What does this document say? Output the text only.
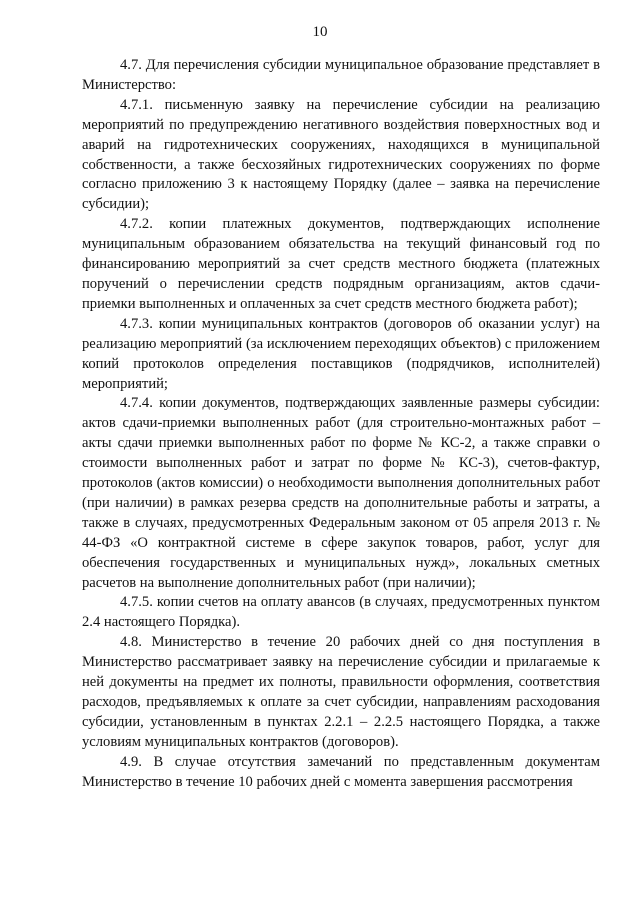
10

4.7. Для перечисления субсидии муниципальное образование представляет в Министерство:

4.7.1. письменную заявку на перечисление субсидии на реализацию мероприятий по предупреждению негативного воздействия поверхностных вод и аварий на гидротехнических сооружениях, находящихся в муниципальной собственности, а также бесхозяйных гидротехнических сооружениях по форме согласно приложению 3 к настоящему Порядку (далее – заявка на перечисление субсидии);

4.7.2. копии платежных документов, подтверждающих исполнение муниципальным образованием обязательства на текущий финансовый год по финансированию мероприятий за счет средств местного бюджета (платежных поручений о перечислении средств подрядным организациям, актов сдачи-приемки выполненных и оплаченных за счет средств местного бюджета работ);

4.7.3. копии муниципальных контрактов (договоров об оказании услуг) на реализацию мероприятий (за исключением переходящих объектов) с приложением копий протоколов определения поставщиков (подрядчиков, исполнителей) мероприятий;

4.7.4. копии документов, подтверждающих заявленные размеры субсидии: актов сдачи-приемки выполненных работ (для строительно-монтажных работ – акты сдачи приемки выполненных работ по форме № КС-2, а также справки о стоимости выполненных работ и затрат по форме № КС-3), счетов-фактур, протоколов (актов комиссии) о необходимости выполнения дополнительных работ (при наличии) в рамках резерва средств на дополнительные работы и затраты, а также в случаях, предусмотренных Федеральным законом от 05 апреля 2013 г. № 44-ФЗ «О контрактной системе в сфере закупок товаров, работ, услуг для обеспечения государственных и муниципальных нужд», локальных сметных расчетов на выполнение дополнительных работ (при наличии);

4.7.5. копии счетов на оплату авансов (в случаях, предусмотренных пунктом 2.4 настоящего Порядка).

4.8. Министерство в течение 20 рабочих дней со дня поступления в Министерство рассматривает заявку на перечисление субсидии и прилагаемые к ней документы на предмет их полноты, правильности оформления, соответствия расходов, предъявляемых к оплате за счет субсидии, направлениям расходования субсидии, установленным в пунктах 2.2.1 – 2.2.5 настоящего Порядка, а также условиям муниципальных контрактов (договоров).

4.9. В случае отсутствия замечаний по представленным документам Министерство в течение 10 рабочих дней с момента завершения рассмотрения
